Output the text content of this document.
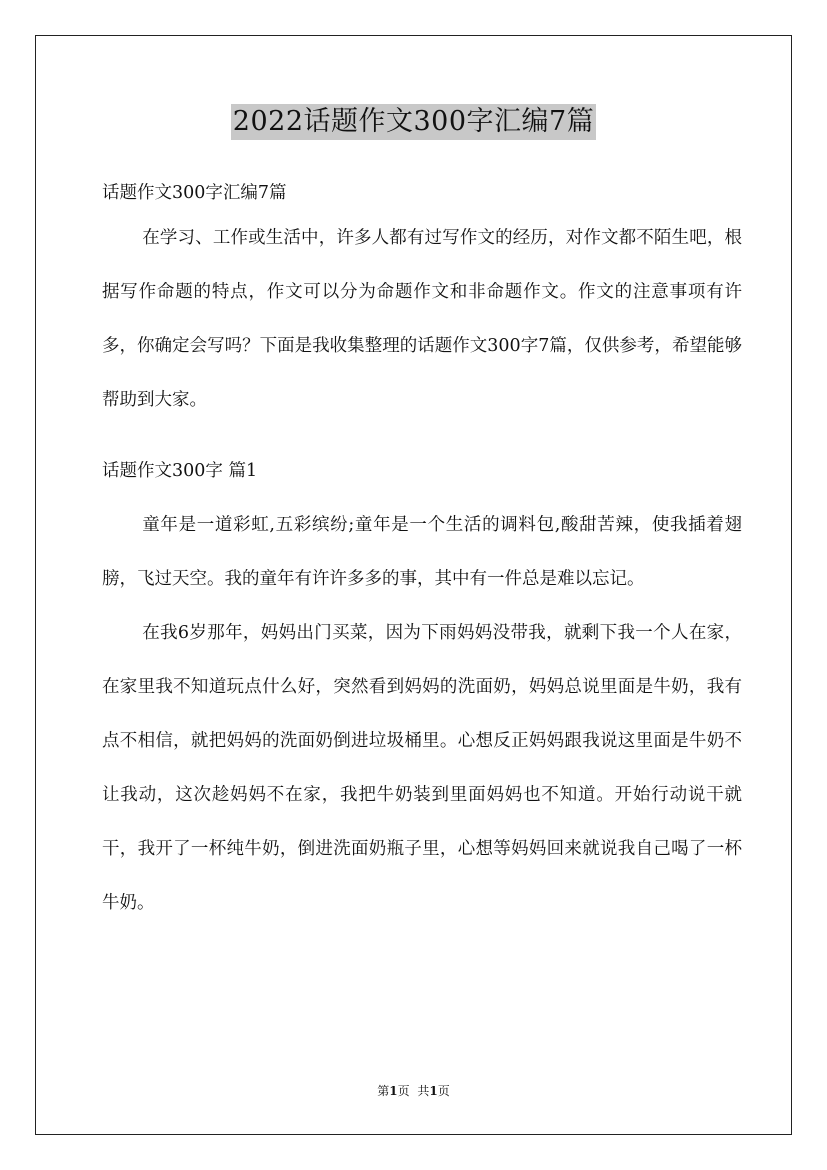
2022话题作文300字汇编7篇

话题作文300字汇编7篇

在学习、工作或生活中，许多人都有过写作文的经历，对作文都不陌生吧，根据写作命题的特点，作文可以分为命题作文和非命题作文。作文的注意事项有许多，你确定会写吗？下面是我收集整理的话题作文300字7篇，仅供参考，希望能够帮助到大家。

话题作文300字 篇1

童年是一道彩虹,五彩缤纷;童年是一个生活的调料包,酸甜苦辣，使我插着翅膀，飞过天空。我的童年有许许多多的事，其中有一件总是难以忘记。

在我6岁那年，妈妈出门买菜，因为下雨妈妈没带我，就剩下我一个人在家，在家里我不知道玩点什么好，突然看到妈妈的洗面奶，妈妈总说里面是牛奶，我有点不相信，就把妈妈的洗面奶倒进垃圾桶里。心想反正妈妈跟我说这里面是牛奶不让我动，这次趁妈妈不在家，我把牛奶装到里面妈妈也不知道。开始行动说干就干，我开了一杯纯牛奶，倒进洗面奶瓶子里，心想等妈妈回来就说我自己喝了一杯牛奶。

第1页 共1页
